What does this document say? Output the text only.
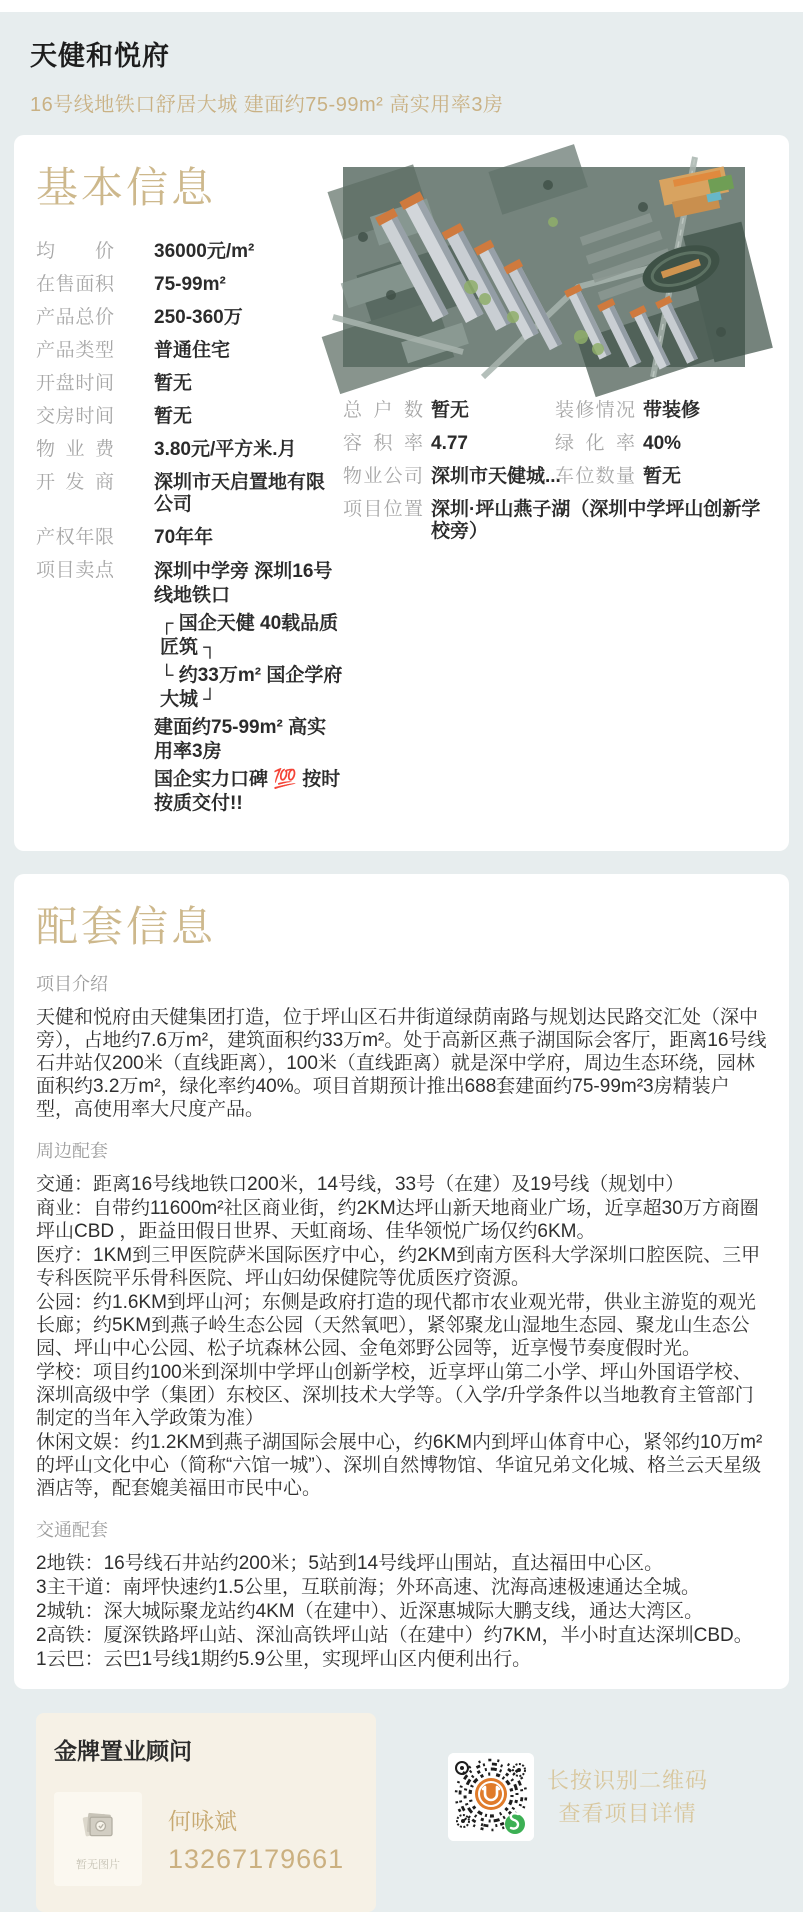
天健和悦府
16号线地铁口舒居大城 建面约75-99m² 高实用率3房
基本信息
均价 36000元/m²
在售面积 75-99m²
产品总价 250-360万
产品类型 普通住宅
开盘时间 暂无
交房时间 暂无
物业费 3.80元/平方米.月
开发商 深圳市天启置地有限公司
产权年限 70年年
项目卖点 深圳中学旁 深圳16号线地铁口
┌ 国企天健 40载品质匠筑 ┐
└ 约33万m² 国企学府大城 ┘
建面约75-99m² 高实用率3房
国企实力口碑 💯 按时按质交付!!
总户数 暂无	装修情况 带装修
容积率 4.77	绿化率 40%
物业公司 深圳市天健城...
车位数量 暂无
项目位置 深圳·坪山燕子湖（深圳中学坪山创新学校旁）
配套信息
项目介绍

天健和悦府由天健集团打造，位于坪山区石井街道绿荫南路与规划达民路交汇处（深中旁），占地约7.6万m²，建筑面积约33万m²。处于高新区燕子湖国际会客厅，距离16号线石井站仅200米（直线距离），100米（直线距离）就是深中学府，周边生态环绕，园林面积约3.2万m²，绿化率约40%。项目首期预计推出688套建面约75-99m²3房精装户型，高使用率大尺度产品。

周边配套

交通：距离16号线地铁口200米，14号线，33号（在建）及19号线（规划中）

商业：自带约11600m²社区商业街，约2KM达坪山新天地商业广场，近享超30万方商圈坪山CBD ，距益田假日世界、天虹商场、佳华领悦广场仅约6KM。

医疗：1KM到三甲医院萨米国际医疗中心，约2KM到南方医科大学深圳口腔医院、三甲专科医院平乐骨科医院、坪山妇幼保健院等优质医疗资源。

公园：约1.6KM到坪山河；东侧是政府打造的现代都市农业观光带，供业主游览的观光长廊；约5KM到燕子岭生态公园（天然氧吧），紧邻聚龙山湿地生态园、聚龙山生态公园、坪山中心公园、松子坑森林公园、金龟郊野公园等，近享慢节奏度假时光。

学校：项目约100米到深圳中学坪山创新学校，近享坪山第二小学、坪山外国语学校、深圳高级中学（集团）东校区、深圳技术大学等。（入学/升学条件以当地教育主管部门制定的当年入学政策为准）

休闲文娱：约1.2KM到燕子湖国际会展中心，约6KM内到坪山体育中心，紧邻约10万m²的坪山文化中心（简称“六馆一城”）、深圳自然博物馆、华谊兄弟文化城、格兰云天星级酒店等，配套媲美福田市民中心。

交通配套

2地铁：16号线石井站约200米；5站到14号线坪山围站，直达福田中心区。

3主干道：南坪快速约1.5公里，互联前海；外环高速、沈海高速极速通达全城。

2城轨：深大城际聚龙站约4KM（在建中）、近深惠城际大鹏支线，通达大湾区。

2高铁：厦深铁路坪山站、深汕高铁坪山站（在建中）约7KM，半小时直达深圳CBD。

1云巴：云巴1号线1期约5.9公里，实现坪山区内便利出行。

金牌置业顾问
暂无图片
何咏斌
13267179661
长按识别二维码
查看项目详情
